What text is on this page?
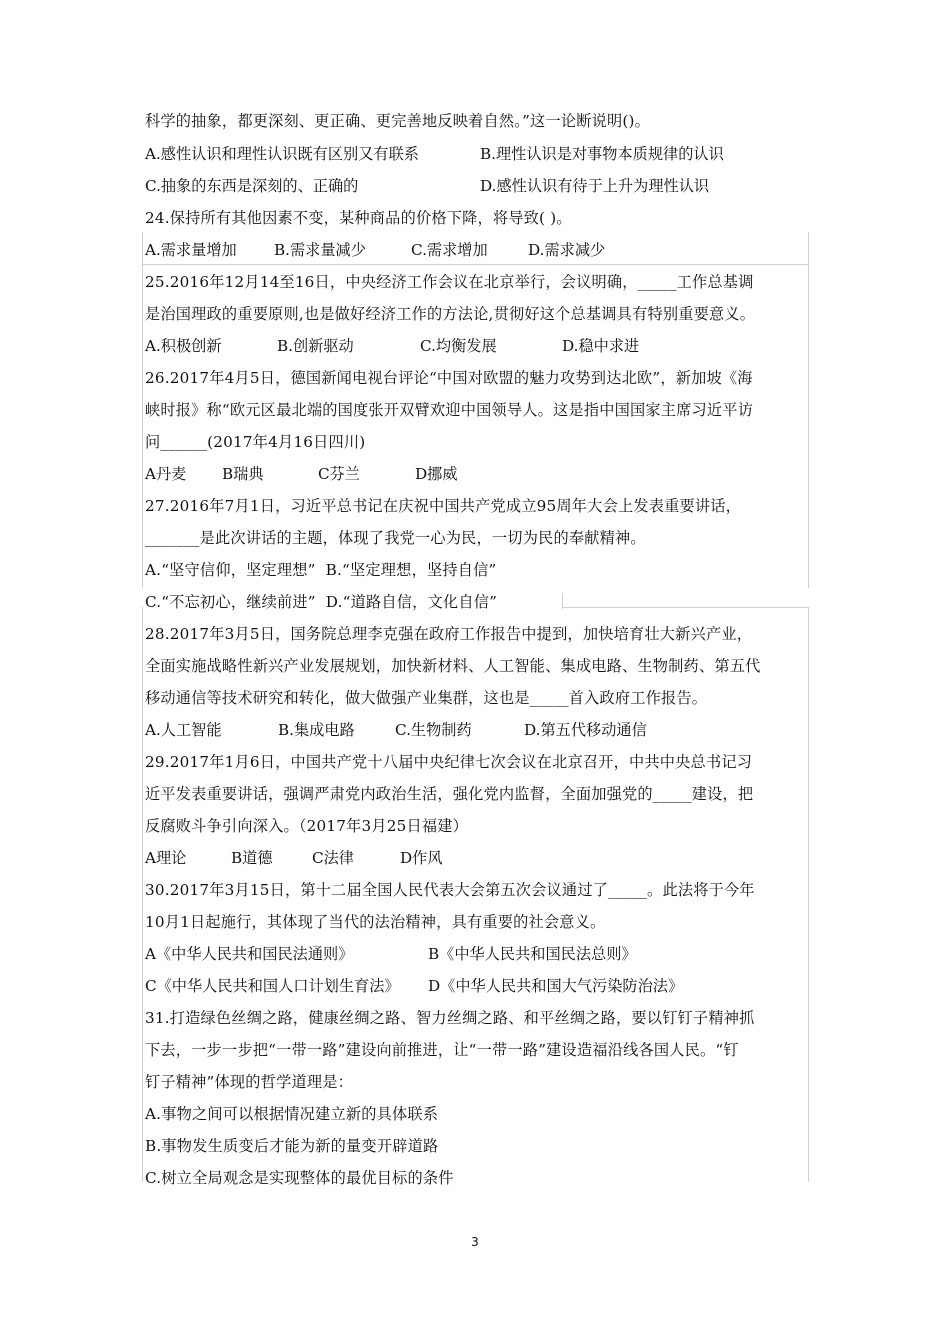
科学的抽象，都更深刻、更正确、更完善地反映着自然。”这一论断说明()。
A.感性认识和理性认识既有区别又有联系	B.理性认识是对事物本质规律的认识
C.抽象的东西是深刻的、正确的	D.感性认识有待于上升为理性认识
24.保持所有其他因素不变，某种商品的价格下降，将导致( )。
A.需求量增加 B.需求量减少	C.需求增加	D.需求减少
25.2016年12月14至16日，中央经济工作会议在北京举行，会议明确，_____工作总基调
是治国理政的重要原则,也是做好经济工作的方法论,贯彻好这个总基调具有特别重要意义。
A.积极创新	B.创新驱动	C.均衡发展	D.稳中求进
26.2017年4月5日，德国新闻电视台评论“中国对欧盟的魅力攻势到达北欧”，新加坡《海
峡时报》称“欧元区最北端的国度张开双臂欢迎中国领导人。这是指中国国家主席习近平访
问______(2017年4月16日四川)
A丹麦 B瑞典	C芬兰	D挪威
27.2016年7月1日，习近平总书记在庆祝中国共产党成立95周年大会上发表重要讲话，
_______是此次讲话的主题，体现了我党一心为民，一切为民的奉献精神。
A.“坚守信仰，坚定理想”  B.“坚定理想，坚持自信”
C.“不忘初心，继续前进”  D.“道路自信，文化自信”
28.2017年3月5日，国务院总理李克强在政府工作报告中提到，加快培育壮大新兴产业，
全面实施战略性新兴产业发展规划，加快新材料、人工智能、集成电路、生物制药、第五代
移动通信等技术研究和转化，做大做强产业集群，这也是_____首入政府工作报告。
A.人工智能	B.集成电路	C.生物制药	D.第五代移动通信
29.2017年1月6日，中国共产党十八届中央纪律七次会议在北京召开，中共中央总书记习
近平发表重要讲话，强调严肃党内政治生活，强化党内监督，全面加强党的_____建设，把
反腐败斗争引向深入。（2017年3月25日福建）
A理论	B道德	C法律	D作风
30.2017年3月15日，第十二届全国人民代表大会第五次会议通过了_____。此法将于今年
10月1日起施行，其体现了当代的法治精神，具有重要的社会意义。
A《中华人民共和国民法通则》	B《中华人民共和国民法总则》
C《中华人民共和国人口计划生育法》 D《中华人民共和国大气污染防治法》
31.打造绿色丝绸之路，健康丝绸之路、智力丝绸之路、和平丝绸之路，要以钉钉子精神抓
下去，一步一步把“一带一路”建设向前推进，让“一带一路”建设造福沿线各国人民。“钉
钉子精神”体现的哲学道理是：
A.事物之间可以根据情况建立新的具体联系
B.事物发生质变后才能为新的量变开辟道路
C.树立全局观念是实现整体的最优目标的条件
3
